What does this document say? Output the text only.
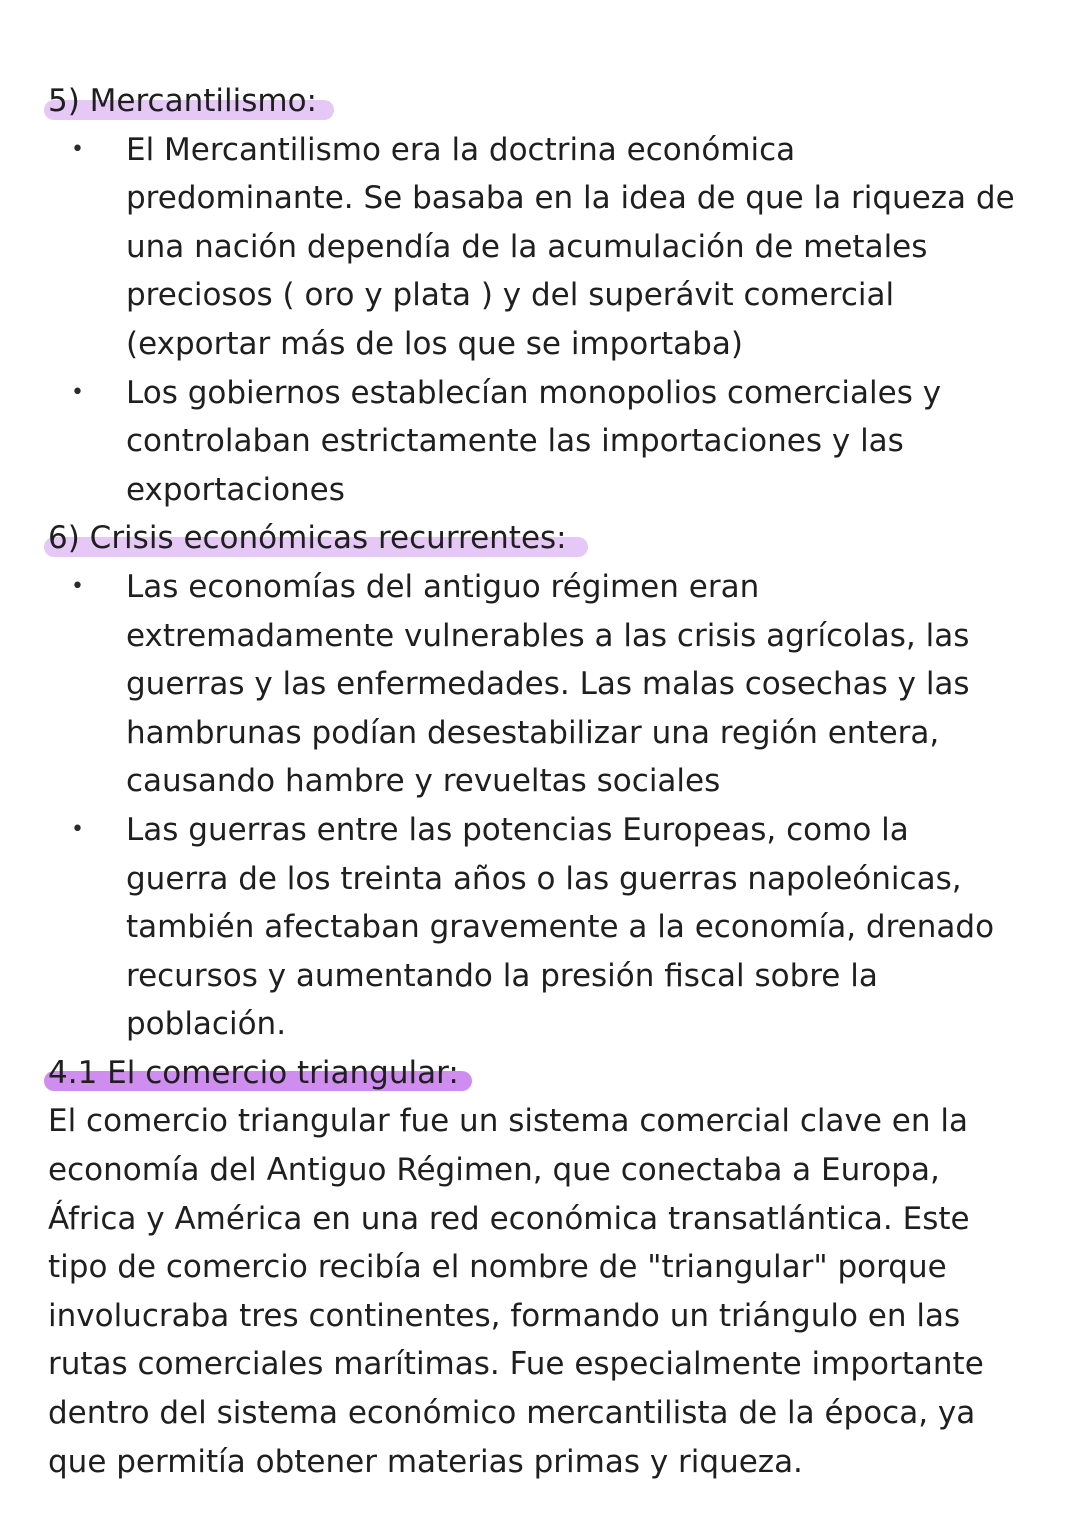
5) Mercantilismo:
• El Mercantilismo era la doctrina económica predominante. Se basaba en la idea de que la riqueza de una nación dependía de la acumulación de metales preciosos ( oro y plata ) y del superávit comercial (exportar más de los que se importaba)
• Los gobiernos establecían monopolios comerciales y controlaban estrictamente las importaciones y las exportaciones
6) Crisis económicas recurrentes:
• Las economías del antiguo régimen eran extremadamente vulnerables a las crisis agrícolas, las guerras y las enfermedades. Las malas cosechas y las hambrunas podían desestabilizar una región entera, causando hambre y revueltas sociales
• Las guerras entre las potencias Europeas, como la guerra de los treinta años o las guerras napoleónicas, también afectaban gravemente a la economía, drenado recursos y aumentando la presión fiscal sobre la población.
4.1 El comercio triangular:

El comercio triangular fue un sistema comercial clave en la economía del Antiguo Régimen, que conectaba a Europa, África y América en una red económica transatlántica. Este tipo de comercio recibía el nombre de "triangular" porque involucraba tres continentes, formando un triángulo en las rutas comerciales marítimas. Fue especialmente importante dentro del sistema económico mercantilista de la época, ya que permitía obtener materias primas y riqueza.
